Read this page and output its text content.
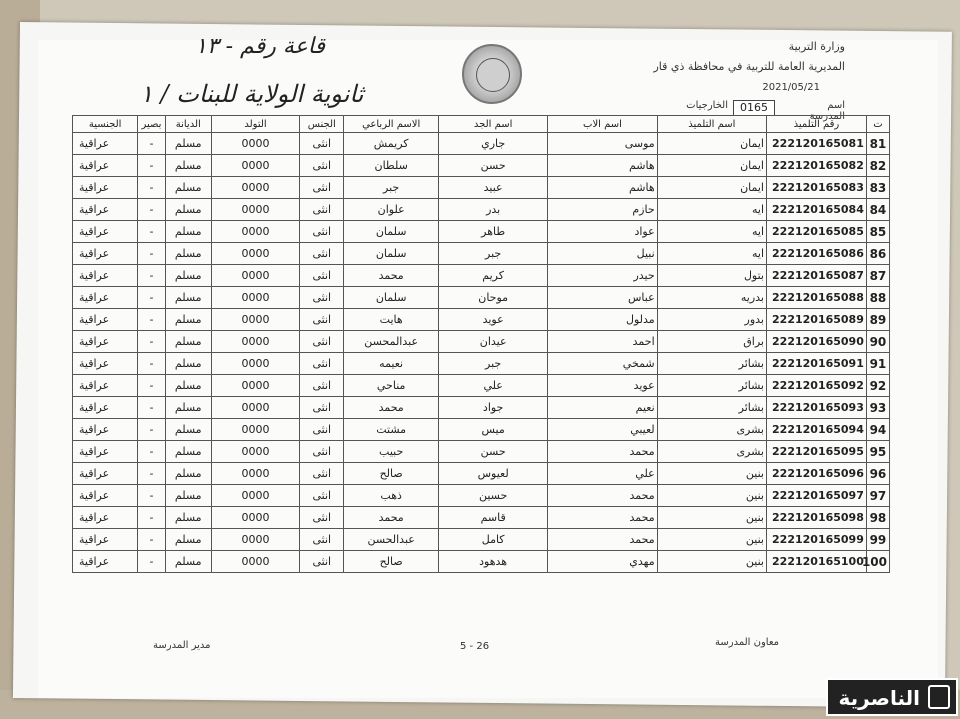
قاعة رقم - ١٣
ثانوية الولاية للبنات / ١
وزارة التربية
المديرية العامة للتربية في محافظة ذي قار
2021/05/21
اسم المدرسة
0165
الخارجيات
ت	رقم التلميذ	اسم التلميذ	اسم الاب	اسم الجد	الاسم الرباعي	الجنس	التولد	الديانة	بصير	الجنسية
81	222120165081	ايمان	موسى	جاري	كريمش	انثى	0000	مسلم	-	عراقية
82	222120165082	ايمان	هاشم	حسن	سلطان	انثى	0000	مسلم	-	عراقية
83	222120165083	ايمان	هاشم	عبيد	جبر	انثى	0000	مسلم	-	عراقية
84	222120165084	ايه	حازم	بدر	علوان	انثى	0000	مسلم	-	عراقية
85	222120165085	ايه	عواد	طاهر	سلمان	انثى	0000	مسلم	-	عراقية
86	222120165086	ايه	نبيل	جبر	سلمان	انثى	0000	مسلم	-	عراقية
87	222120165087	بتول	حيدر	كريم	محمد	انثى	0000	مسلم	-	عراقية
88	222120165088	بدريه	عباس	موحان	سلمان	انثى	0000	مسلم	-	عراقية
89	222120165089	بدور	مدلول	عويد	هايت	انثى	0000	مسلم	-	عراقية
90	222120165090	براق	احمد	عيدان	عبدالمحسن	انثى	0000	مسلم	-	عراقية
91	222120165091	بشائر	شمخي	جبر	نعيمه	انثى	0000	مسلم	-	عراقية
92	222120165092	بشائر	عويد	علي	مناحي	انثى	0000	مسلم	-	عراقية
93	222120165093	بشائر	نعيم	جواد	محمد	انثى	0000	مسلم	-	عراقية
94	222120165094	بشرى	لعيبي	ميس	مشتت	انثى	0000	مسلم	-	عراقية
95	222120165095	بشرى	محمد	حسن	حبيب	انثى	0000	مسلم	-	عراقية
96	222120165096	بنين	علي	لعيوس	صالح	انثى	0000	مسلم	-	عراقية
97	222120165097	بنين	محمد	حسين	ذهب	انثى	0000	مسلم	-	عراقية
98	222120165098	بنين	محمد	قاسم	محمد	انثى	0000	مسلم	-	عراقية
99	222120165099	بنين	محمد	كامل	عبدالحسن	انثى	0000	مسلم	-	عراقية
100	222120165100	بنين	مهدي	هدهود	صالح	انثى	0000	مسلم	-	عراقية
معاون المدرسة
5 - 26
مدير المدرسة
الناصرية
